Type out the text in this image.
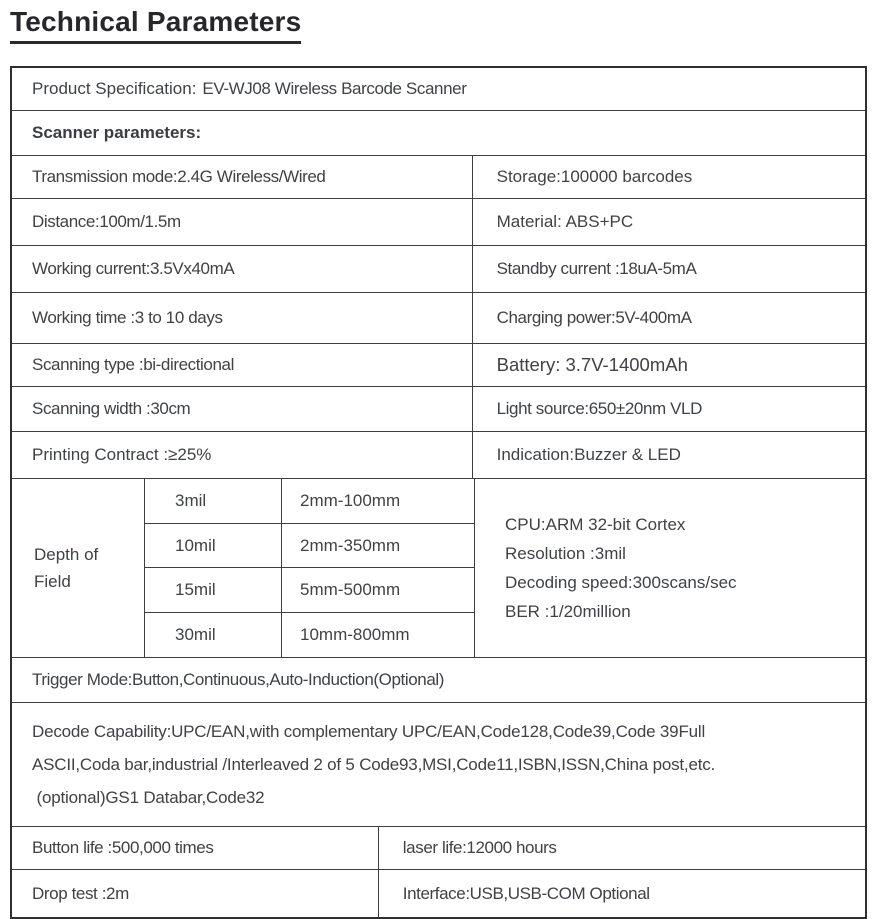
Technical Parameters
Product Specification: EV-WJ08 Wireless Barcode Scanner
Scanner parameters:
Transmission mode:2.4G Wireless/Wired	Storage:100000 barcodes
Distance:100m/1.5m	Material: ABS+PC
Working current:3.5Vx40mA	Standby current :18uA-5mA
Working time :3 to 10 days	Charging power:5V-400mA
Scanning type :bi-directional	Battery: 3.7V-1400mAh
Scanning width :30cm	Light source:650±20nm VLD
Printing Contract :≥25%	Indication:Buzzer & LED
Depth of Field
3mil	2mm-100mm
10mil	2mm-350mm
15mil	5mm-500mm
30mil	10mm-800mm
CPU:ARM 32-bit Cortex
Resolution :3mil
Decoding speed:300scans/sec
BER :1/20million
Trigger Mode:Button,Continuous,Auto-Induction(Optional)
Decode Capability:UPC/EAN,with complementary UPC/EAN,Code128,Code39,Code 39Full
ASCII,Coda bar,industrial /Interleaved 2 of 5 Code93,MSI,Code11,ISBN,ISSN,China post,etc.
(optional)GS1 Databar,Code32
Button life :500,000 times	laser life:12000 hours
Drop test :2m	Interface:USB,USB-COM Optional
